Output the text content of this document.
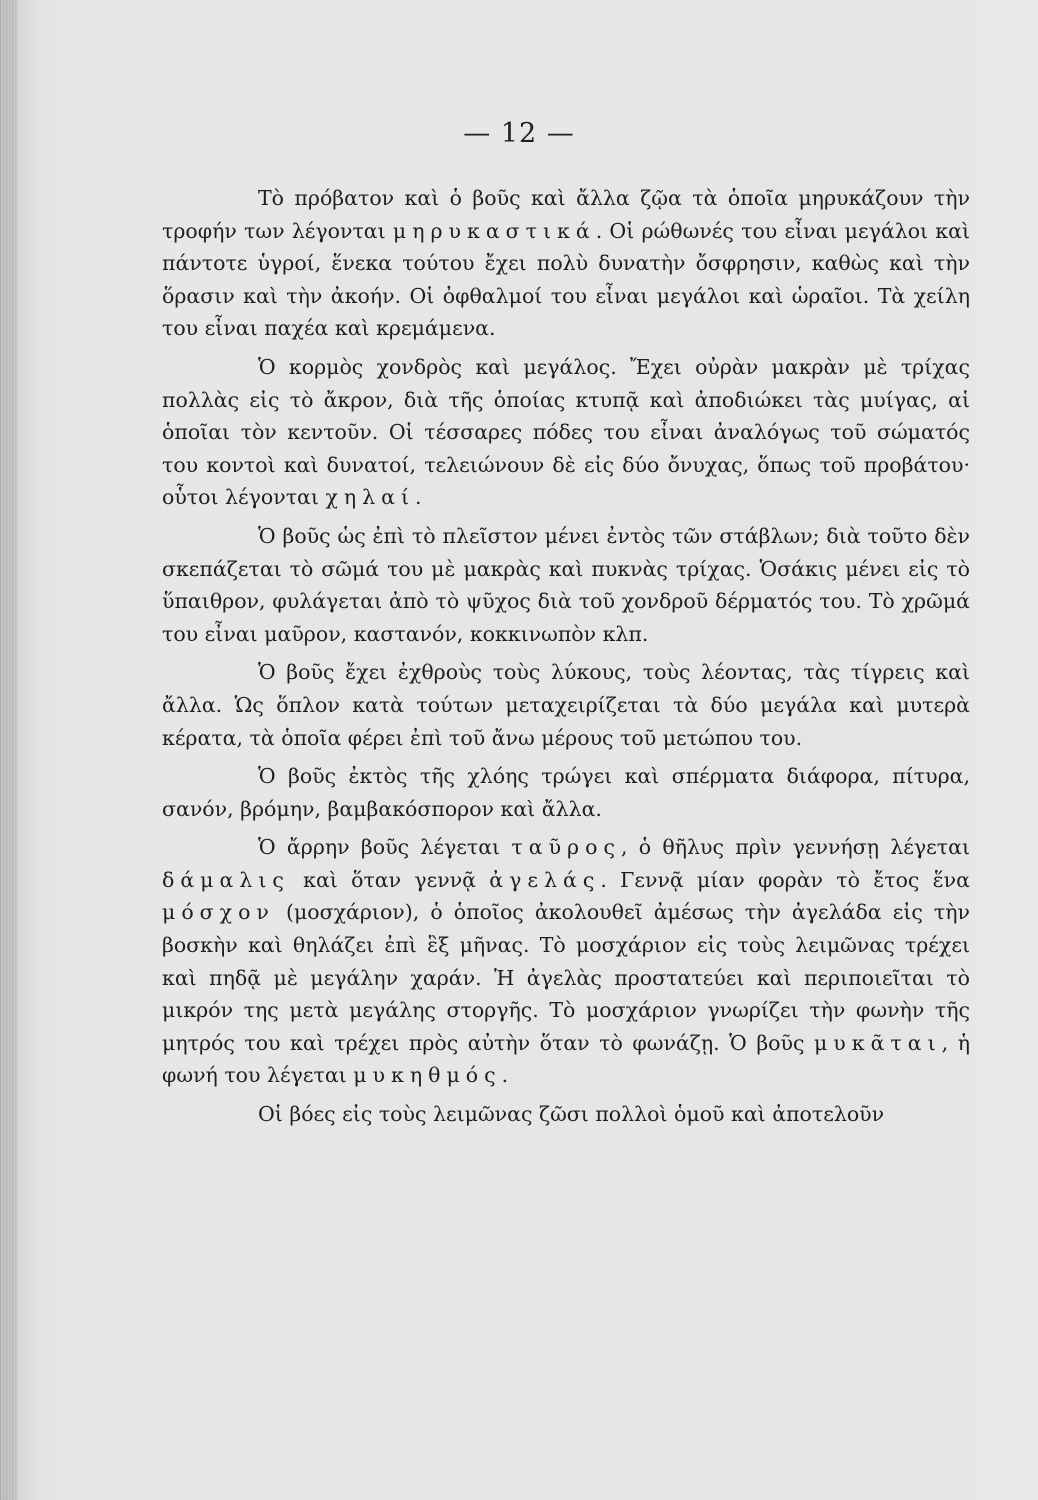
— 12 —

Τὸ πρόβατον καὶ ὁ βοῦς καὶ ἄλλα ζῷα τὰ ὁποῖα μηρυκάζουν τὴν τροφήν των λέγονται μηρυκαστικά. Οἱ ρώθωνές του εἶναι μεγάλοι καὶ πάντοτε ὑγροί, ἕνεκα τούτου ἔχει πολὺ δυνατὴν ὄσφρησιν, καθὼς καὶ τὴν ὅρασιν καὶ τὴν ἀκοήν. Οἱ ὀφθαλμοί του εἶναι μεγάλοι καὶ ὡραῖοι. Τὰ χείλη του εἶναι παχέα καὶ κρεμάμενα.

Ὁ κορμὸς χονδρὸς καὶ μεγάλος. Ἔχει οὐρὰν μακρὰν μὲ τρίχας πολλὰς εἰς τὸ ἄκρον, διὰ τῆς ὁποίας κτυπᾷ καὶ ἀποδιώκει τὰς μυίγας, αἱ ὁποῖαι τὸν κεντοῦν. Οἱ τέσσαρες πόδες του εἶναι ἀναλόγως τοῦ σώματός του κοντοὶ καὶ δυνατοί, τελειώνουν δὲ εἰς δύο ὄνυχας, ὅπως τοῦ προβάτου· οὗτοι λέγονται χηλαί.

Ὁ βοῦς ὡς ἐπὶ τὸ πλεῖστον μένει ἐντὸς τῶν στάβλων; διὰ τοῦτο δὲν σκεπάζεται τὸ σῶμά του μὲ μακρὰς καὶ πυκνὰς τρίχας. Ὁσάκις μένει εἰς τὸ ὕπαιθρον, φυλάγεται ἀπὸ τὸ ψῦχος διὰ τοῦ χονδροῦ δέρματός του. Τὸ χρῶμά του εἶναι μαῦρον, καστανόν, κοκκινωπὸν κλπ.

Ὁ βοῦς ἔχει ἐχθροὺς τοὺς λύκους, τοὺς λέοντας, τὰς τίγρεις καὶ ἄλλα. Ὡς ὅπλον κατὰ τούτων μεταχειρίζεται τὰ δύο μεγάλα καὶ μυτερὰ κέρατα, τὰ ὁποῖα φέρει ἐπὶ τοῦ ἄνω μέρους τοῦ μετώπου του.

Ὁ βοῦς ἐκτὸς τῆς χλόης τρώγει καὶ σπέρματα διάφορα, πίτυρα, σανόν, βρόμην, βαμβακόσπορον καὶ ἄλλα.

Ὁ ἄρρην βοῦς λέγεται ταῦρος, ὁ θῆλυς πρὶν γεννήσῃ λέγεται δάμαλις καὶ ὅταν γεννᾷ ἀγελάς. Γεννᾷ μίαν φορὰν τὸ ἔτος ἕνα μόσχον (μοσχάριον), ὁ ὁποῖος ἀκολουθεῖ ἀμέσως τὴν ἀγελάδα εἰς τὴν βοσκὴν καὶ θηλάζει ἐπὶ ἓξ μῆνας. Τὸ μοσχάριον εἰς τοὺς λειμῶνας τρέχει καὶ πηδᾷ μὲ μεγάλην χαράν. Ἡ ἀγελὰς προστατεύει καὶ περιποιεῖται τὸ μικρόν της μετὰ μεγάλης στοργῆς. Τὸ μοσχάριον γνωρίζει τὴν φωνὴν τῆς μητρός του καὶ τρέχει πρὸς αὐτὴν ὅταν τὸ φωνάζῃ. Ὁ βοῦς μυκᾶται, ἡ φωνή του λέγεται μυκηθμός.

Οἱ βόες εἰς τοὺς λειμῶνας ζῶσι πολλοὶ ὁμοῦ καὶ ἀποτελοῦν
